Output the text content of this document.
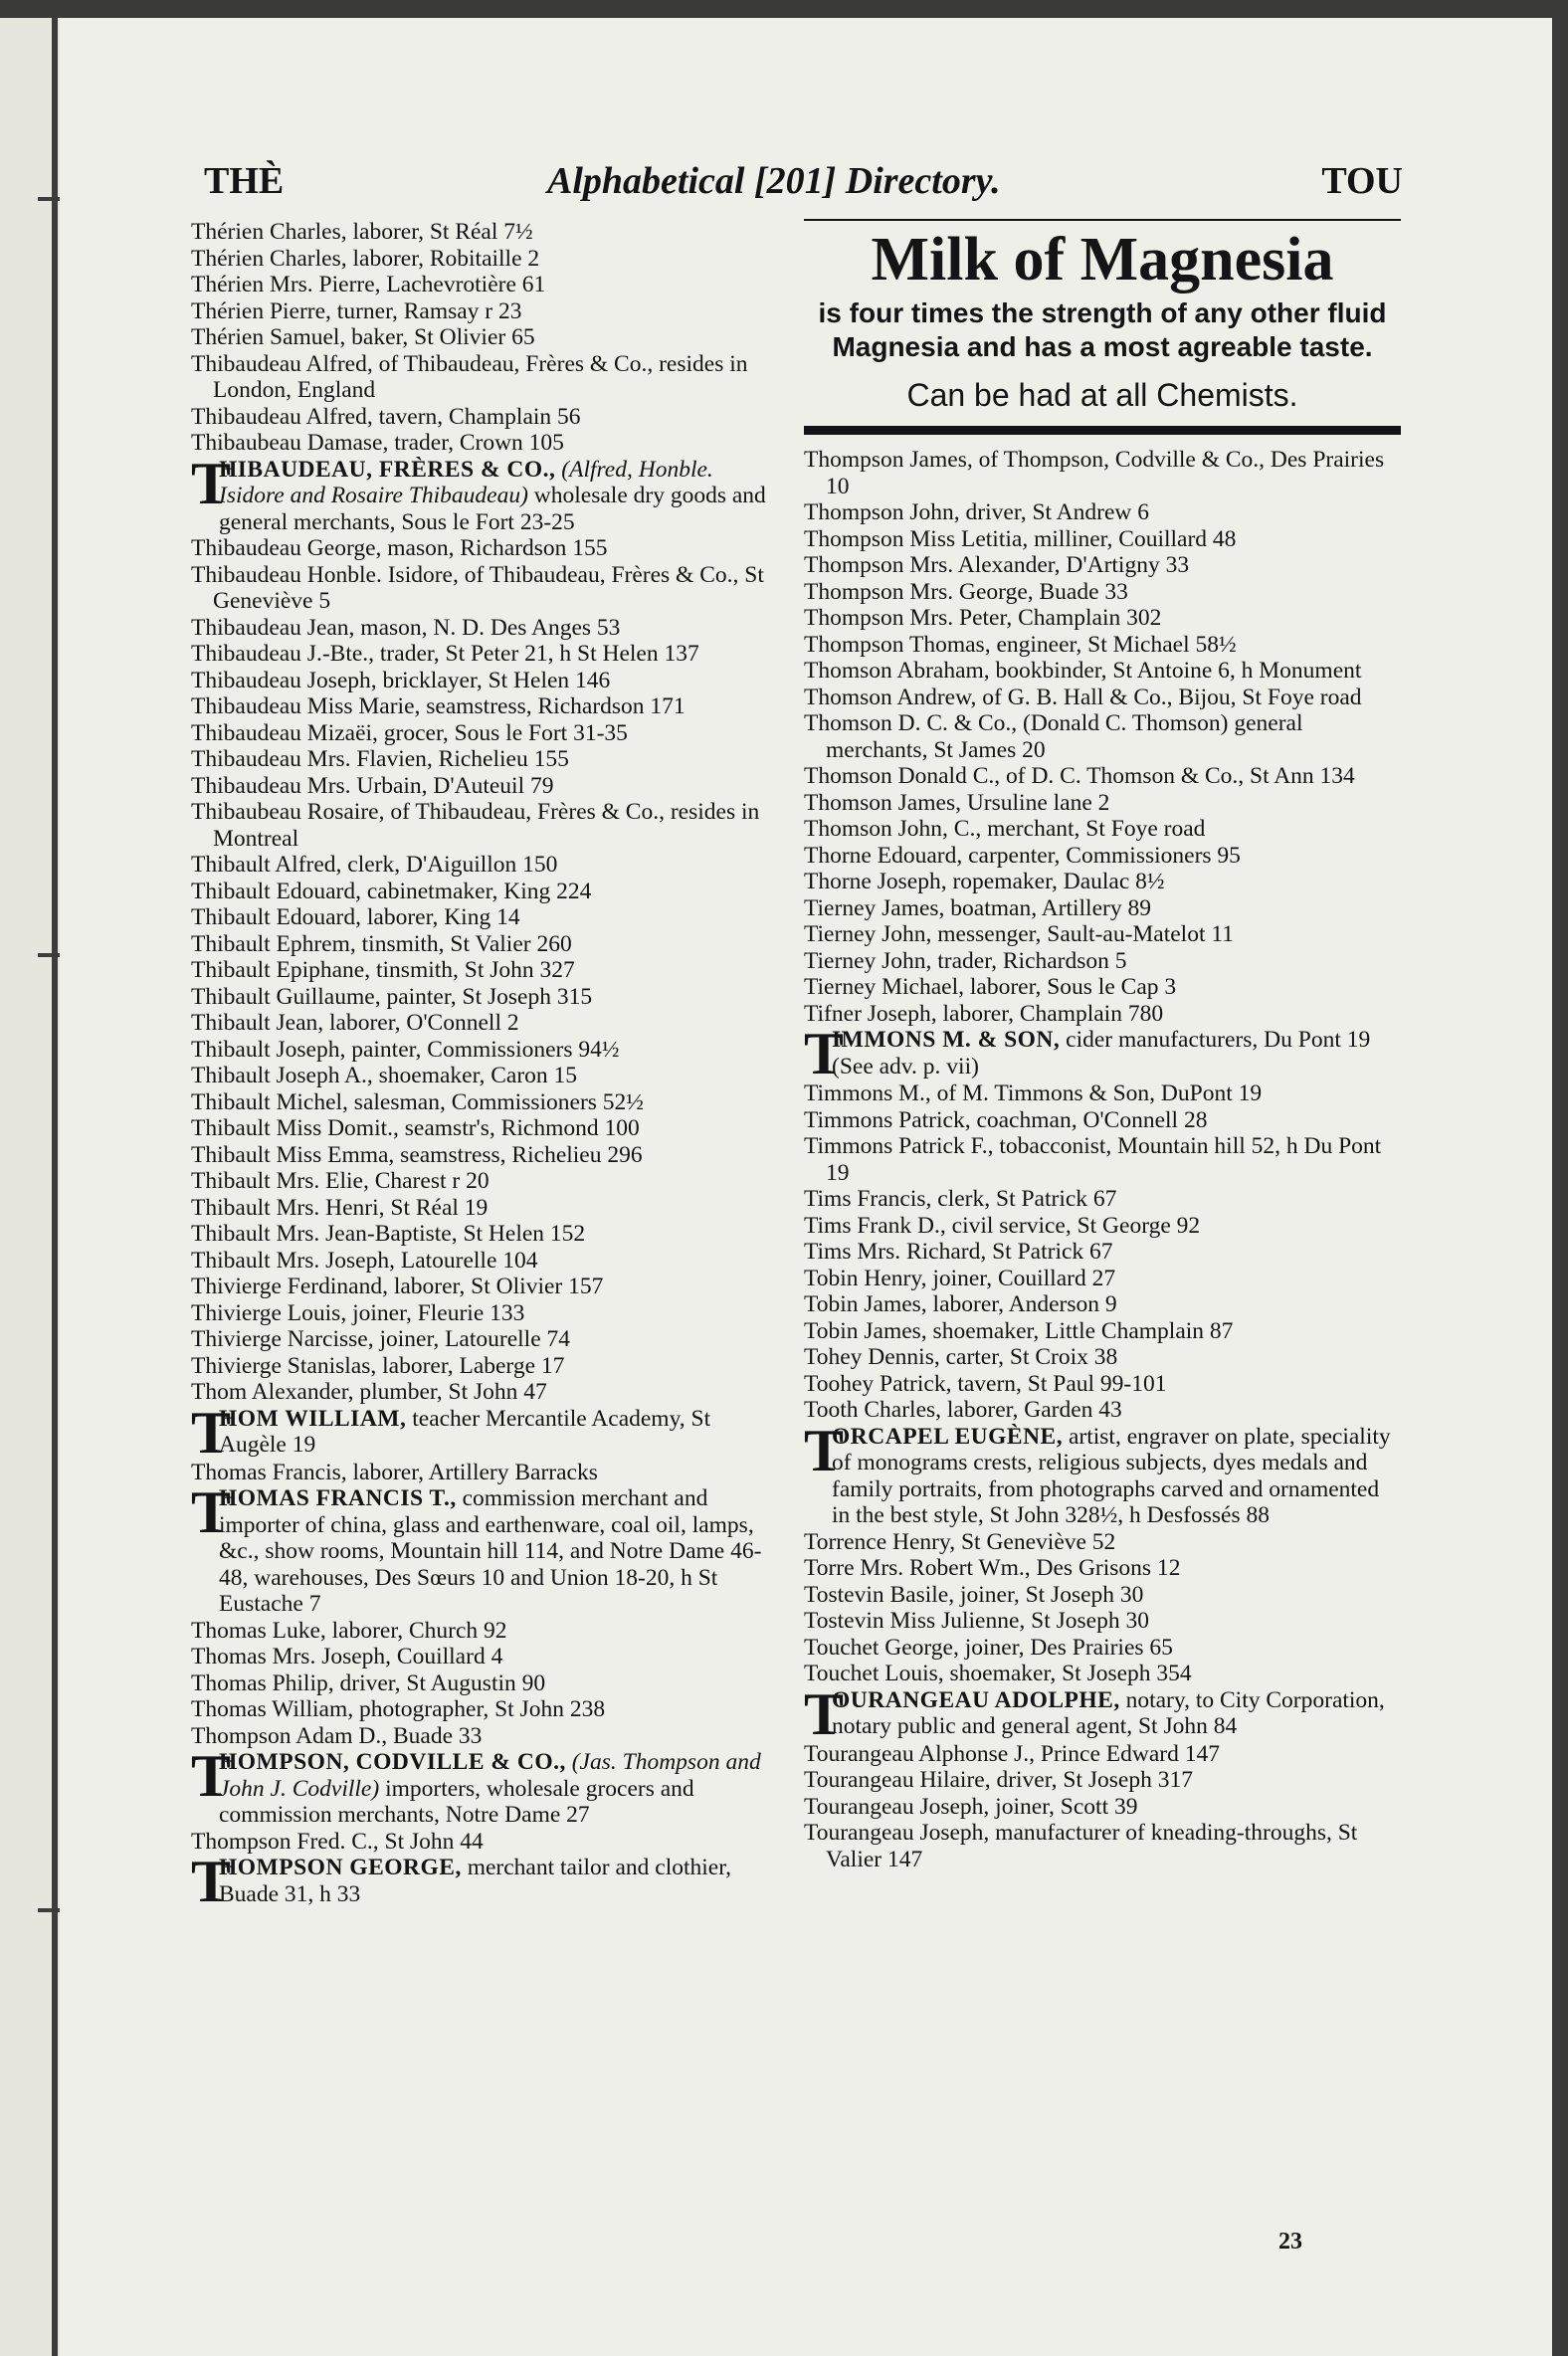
THÈ	Alphabetical [201] Directory.	TOU
Thérien Charles, laborer, St Réal 7½
Thérien Charles, laborer, Robitaille 2
Thérien Mrs. Pierre, Lachevrotière 61
Thérien Pierre, turner, Ramsay r 23
Thérien Samuel, baker, St Olivier 65
Thibaudeau Alfred, of Thibaudeau, Frères & Co., resides in London, England
Thibaudeau Alfred, tavern, Champlain 56
Thibaubeau Damase, trader, Crown 105
T
HIBAUDEAU, FRÈRES & CO., (Alfred, Honble. Isidore and Rosaire Thibaudeau) wholesale dry goods and general merchants, Sous le Fort 23-25
Thibaudeau George, mason, Richardson 155
Thibaudeau Honble. Isidore, of Thibaudeau, Frères & Co., St Geneviève 5
Thibaudeau Jean, mason, N. D. Des Anges 53
Thibaudeau J.-Bte., trader, St Peter 21, h St Helen 137
Thibaudeau Joseph, bricklayer, St Helen 146
Thibaudeau Miss Marie, seamstress, Richardson 171
Thibaudeau Mizaëi, grocer, Sous le Fort 31-35
Thibaudeau Mrs. Flavien, Richelieu 155
Thibaudeau Mrs. Urbain, D'Auteuil 79
Thibaubeau Rosaire, of Thibaudeau, Frères & Co., resides in Montreal
Thibault Alfred, clerk, D'Aiguillon 150
Thibault Edouard, cabinetmaker, King 224
Thibault Edouard, laborer, King 14
Thibault Ephrem, tinsmith, St Valier 260
Thibault Epiphane, tinsmith, St John 327
Thibault Guillaume, painter, St Joseph 315
Thibault Jean, laborer, O'Connell 2
Thibault Joseph, painter, Commissioners 94½
Thibault Joseph A., shoemaker, Caron 15
Thibault Michel, salesman, Commissioners 52½
Thibault Miss Domit., seamstr's, Richmond 100
Thibault Miss Emma, seamstress, Richelieu 296
Thibault Mrs. Elie, Charest r 20
Thibault Mrs. Henri, St Réal 19
Thibault Mrs. Jean-Baptiste, St Helen 152
Thibault Mrs. Joseph, Latourelle 104
Thivierge Ferdinand, laborer, St Olivier 157
Thivierge Louis, joiner, Fleurie 133
Thivierge Narcisse, joiner, Latourelle 74
Thivierge Stanislas, laborer, Laberge 17
Thom Alexander, plumber, St John 47
T
HOM WILLIAM, teacher Mercantile Academy, St Augèle 19
Thomas Francis, laborer, Artillery Barracks
T
HOMAS FRANCIS T., commission merchant and importer of china, glass and earthenware, coal oil, lamps, &c., show rooms, Mountain hill 114, and Notre Dame 46-48, warehouses, Des Sœurs 10 and Union 18-20, h St Eustache 7
Thomas Luke, laborer, Church 92
Thomas Mrs. Joseph, Couillard 4
Thomas Philip, driver, St Augustin 90
Thomas William, photographer, St John 238
Thompson Adam D., Buade 33
T
HOMPSON, CODVILLE & CO., (Jas. Thompson and John J. Codville) importers, wholesale grocers and commission merchants, Notre Dame 27
Thompson Fred. C., St John 44
T
HOMPSON GEORGE, merchant tailor and clothier, Buade 31, h 33
Milk of Magnesia
is four times the strength of any other fluid Magnesia and has a most agreable taste.
Can be had at all Chemists.
Thompson James, of Thompson, Codville & Co., Des Prairies 10
Thompson John, driver, St Andrew 6
Thompson Miss Letitia, milliner, Couillard 48
Thompson Mrs. Alexander, D'Artigny 33
Thompson Mrs. George, Buade 33
Thompson Mrs. Peter, Champlain 302
Thompson Thomas, engineer, St Michael 58½
Thomson Abraham, bookbinder, St Antoine 6, h Monument
Thomson Andrew, of G. B. Hall & Co., Bijou, St Foye road
Thomson D. C. & Co., (Donald C. Thomson) general merchants, St James 20
Thomson Donald C., of D. C. Thomson & Co., St Ann 134
Thomson James, Ursuline lane 2
Thomson John, C., merchant, St Foye road
Thorne Edouard, carpenter, Commissioners 95
Thorne Joseph, ropemaker, Daulac 8½
Tierney James, boatman, Artillery 89
Tierney John, messenger, Sault-au-Matelot 11
Tierney John, trader, Richardson 5
Tierney Michael, laborer, Sous le Cap 3
Tifner Joseph, laborer, Champlain 780
T
IMMONS M. & SON, cider manufacturers, Du Pont 19 (See adv. p. vii)
Timmons M., of M. Timmons & Son, DuPont 19
Timmons Patrick, coachman, O'Connell 28
Timmons Patrick F., tobacconist, Mountain hill 52, h Du Pont 19
Tims Francis, clerk, St Patrick 67
Tims Frank D., civil service, St George 92
Tims Mrs. Richard, St Patrick 67
Tobin Henry, joiner, Couillard 27
Tobin James, laborer, Anderson 9
Tobin James, shoemaker, Little Champlain 87
Tohey Dennis, carter, St Croix 38
Toohey Patrick, tavern, St Paul 99-101
Tooth Charles, laborer, Garden 43
T
ORCAPEL EUGÈNE, artist, engraver on plate, speciality of monograms crests, religious subjects, dyes medals and family portraits, from photographs carved and ornamented in the best style, St John 328½, h Desfossés 88
Torrence Henry, St Geneviève 52
Torre Mrs. Robert Wm., Des Grisons 12
Tostevin Basile, joiner, St Joseph 30
Tostevin Miss Julienne, St Joseph 30
Touchet George, joiner, Des Prairies 65
Touchet Louis, shoemaker, St Joseph 354
T
OURANGEAU ADOLPHE, notary, to City Corporation, notary public and general agent, St John 84
Tourangeau Alphonse J., Prince Edward 147
Tourangeau Hilaire, driver, St Joseph 317
Tourangeau Joseph, joiner, Scott 39
Tourangeau Joseph, manufacturer of kneading-throughs, St Valier 147
23
